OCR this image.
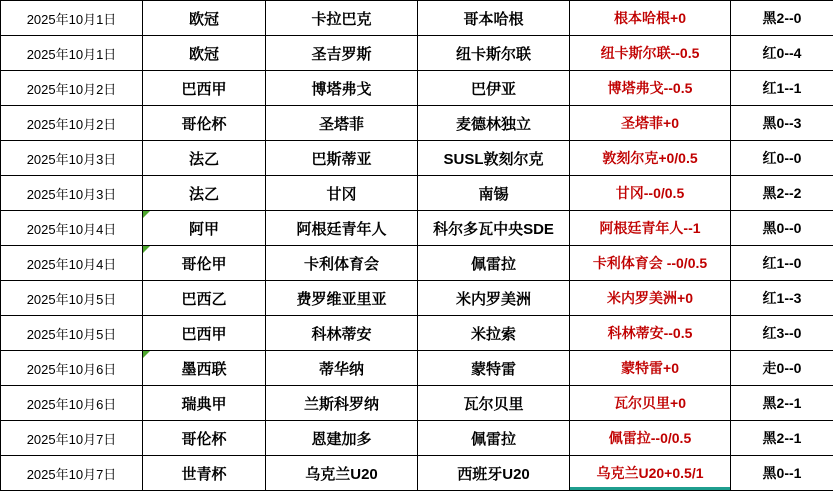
2025年10月1日	欧冠	卡拉巴克	哥本哈根	根本哈根+0	黑2--0
2025年10月1日	欧冠	圣吉罗斯	纽卡斯尔联	纽卡斯尔联--0.5	红0--4
2025年10月2日	巴西甲	博塔弗戈	巴伊亚	博塔弗戈--0.5	红1--1
2025年10月2日	哥伦杯	圣塔菲	麦德林独立	圣塔菲+0	黑0--3
2025年10月3日	法乙	巴斯蒂亚	SUSL敦刻尔克	敦刻尔克+0/0.5	红0--0
2025年10月3日	法乙	甘冈	南锡	甘冈--0/0.5	黑2--2
2025年10月4日	阿甲	阿根廷青年人	科尔多瓦中央SDE	阿根廷青年人--1	黑0--0
2025年10月4日	哥伦甲	卡利体育会	佩雷拉	卡利体育会 --0/0.5	红1--0
2025年10月5日	巴西乙	费罗维亚里亚	米内罗美洲	米内罗美洲+0	红1--3
2025年10月5日	巴西甲	科林蒂安	米拉索	科林蒂安--0.5	红3--0
2025年10月6日	墨西联	蒂华纳	蒙特雷	蒙特雷+0	走0--0
2025年10月6日	瑞典甲	兰斯科罗纳	瓦尔贝里	瓦尔贝里+0	黑2--1
2025年10月7日	哥伦杯	恩建加多	佩雷拉	佩雷拉--0/0.5	黑2--1
2025年10月7日	世青杯	乌克兰U20	西班牙U20	乌克兰U20+0.5/1	黑0--1
